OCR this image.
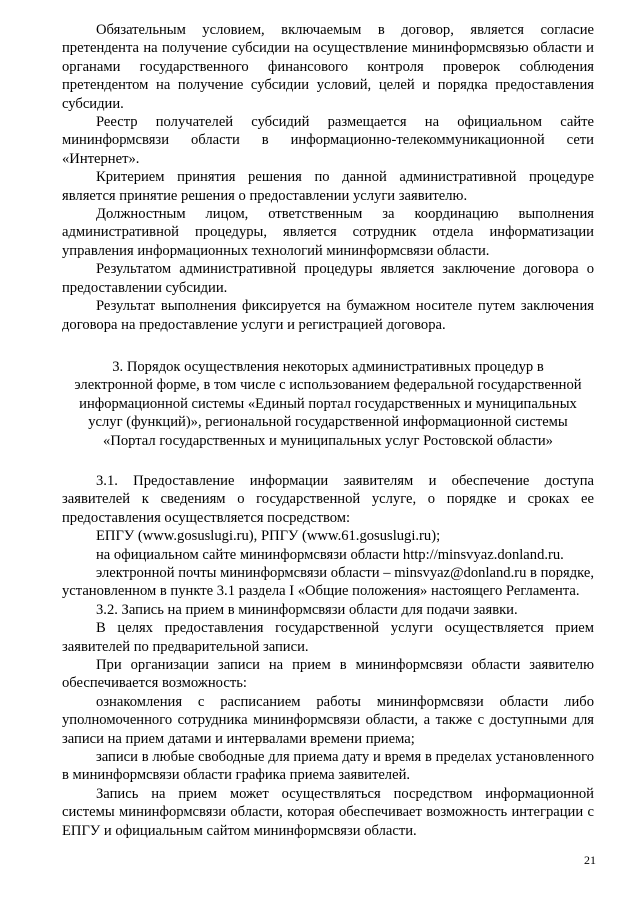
Обязательным условием, включаемым в договор, является согласие претендента на получение субсидии на осуществление мининформсвязью области и органами государственного финансового контроля проверок соблюдения претендентом на получение субсидии условий, целей и порядка предоставления субсидии.

Реестр получателей субсидий размещается на официальном сайте мининформсвязи области в информационно-телекоммуникационной сети «Интернет».

Критерием принятия решения по данной административной процедуре является принятие решения о предоставлении услуги заявителю.

Должностным лицом, ответственным за координацию выполнения административной процедуры, является сотрудник отдела информатизации управления информационных технологий мининформсвязи области.

Результатом административной процедуры является заключение договора о предоставлении субсидии.

Результат выполнения фиксируется на бумажном носителе путем заключения договора на предоставление услуги и регистрацией договора.

3. Порядок осуществления некоторых административных процедур в электронной форме, в том числе с использованием федеральной государственной информационной системы «Единый портал государственных и муниципальных услуг (функций)», региональной государственной информационной системы «Портал государственных и муниципальных услуг Ростовской области»

3.1. Предоставление информации заявителям и обеспечение доступа заявителей к сведениям о государственной услуге, о порядке и сроках ее предоставления осуществляется посредством:

ЕПГУ (www.gosuslugi.ru), РПГУ (www.61.gosuslugi.ru);

на официальном сайте мининформсвязи области http://minsvyaz.donland.ru.

электронной почты мининформсвязи области – minsvyaz@donland.ru в порядке, установленном в пункте 3.1 раздела I «Общие положения» настоящего Регламента.

3.2. Запись на прием в мининформсвязи области для подачи заявки.

В целях предоставления государственной услуги осуществляется прием заявителей по предварительной записи.

При организации записи на прием в мининформсвязи области заявителю обеспечивается возможность:

ознакомления с расписанием работы мининформсвязи области либо уполномоченного сотрудника мининформсвязи области, а также с доступными для записи на прием датами и интервалами времени приема;

записи в любые свободные для приема дату и время в пределах установленного в мининформсвязи области графика приема заявителей.

Запись на прием может осуществляться посредством информационной системы мининформсвязи области, которая обеспечивает возможность интеграции с ЕПГУ и официальным сайтом мининформсвязи области.

21
